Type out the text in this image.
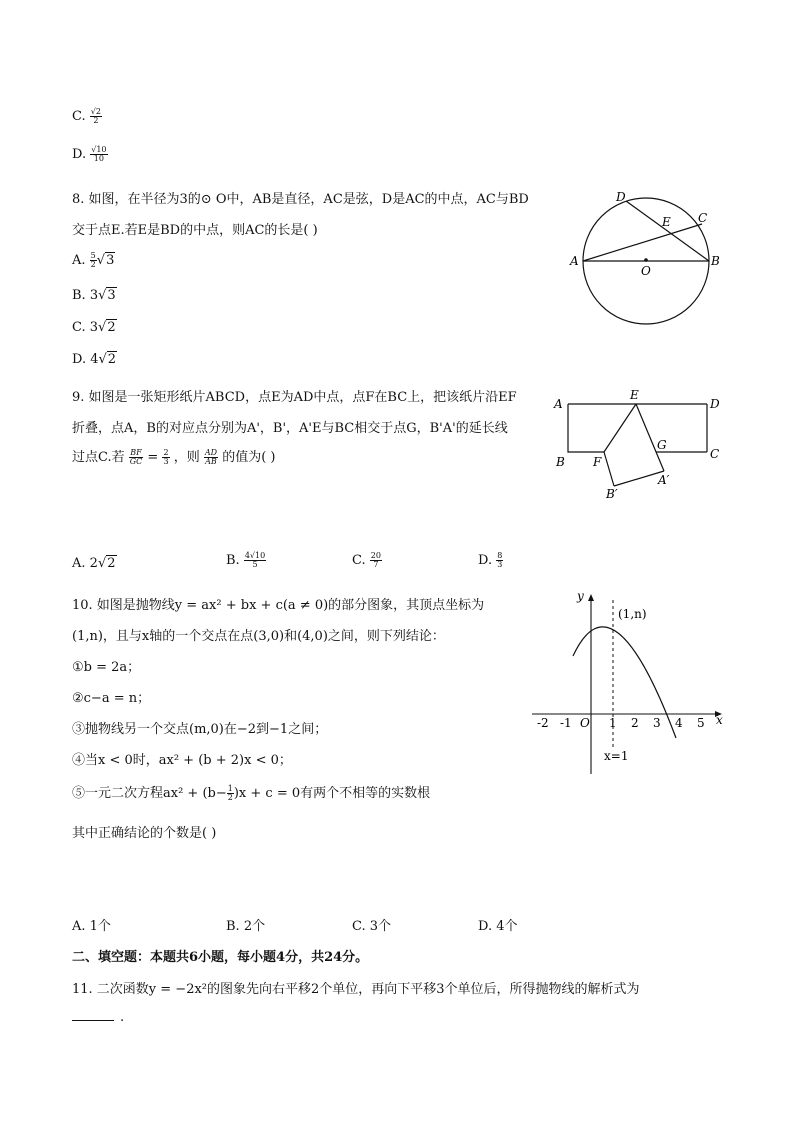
C. $\frac{√2}{2}$
D. $\frac{√10}{10}$
8. 如图，在半径为3的⊙ O中，AB是直径，AC是弦，D是AC的中点，AC与BD
交于点E.若E是BD的中点，则AC的长是( )
A. $\frac{5}{2} √3$
B. 3√3
C. 3√2
D. 4√2
D
E C
A
O
B
9. 如图是一张矩形纸片ABCD，点E为AD中点，点F在BC上，把该纸片沿EF
折叠，点A，B的对应点分别为A'，B'，A'E与BC相交于点G，B'A'的延长线
过点C.若 $\frac{BF}{GC} = \frac{2}{3}$ ，则 $\frac{AD}{AB}$ 的值为( )
A
E
D
G
B F
C
A′
B′
A. 2√2	B. $\frac{4√10}{5}$	C. $\frac{20}{7}$	D. $\frac{8}{3}$
10. 如图是抛物线y = ax² + bx + c(a ≠ 0)的部分图象，其顶点坐标为
(1,n)，且与x轴的一个交点在点(3,0)和(4,0)之间，则下列结论：
①b = 2a；
②c−a = n；
③抛物线另一个交点(m,0)在−2到−1之间；
④当x < 0时，ax² + (b + 2)x < 0；
⑤一元二次方程$ax^2 + (b- \frac{1}{2} )x + c = 0$有两个不相等的实数根
其中正确结论的个数是( )
y
x
(1,n)
x=1
O
-2 -1	1 2 3 4 5
A. 1个	B. 2个	C. 3个	D. 4个
二、填空题：本题共6小题，每小题4分，共24分。
11. 二次函数y = −2x²的图象先向右平移2个单位，再向下平移3个单位后，所得抛物线的解析式为
.
